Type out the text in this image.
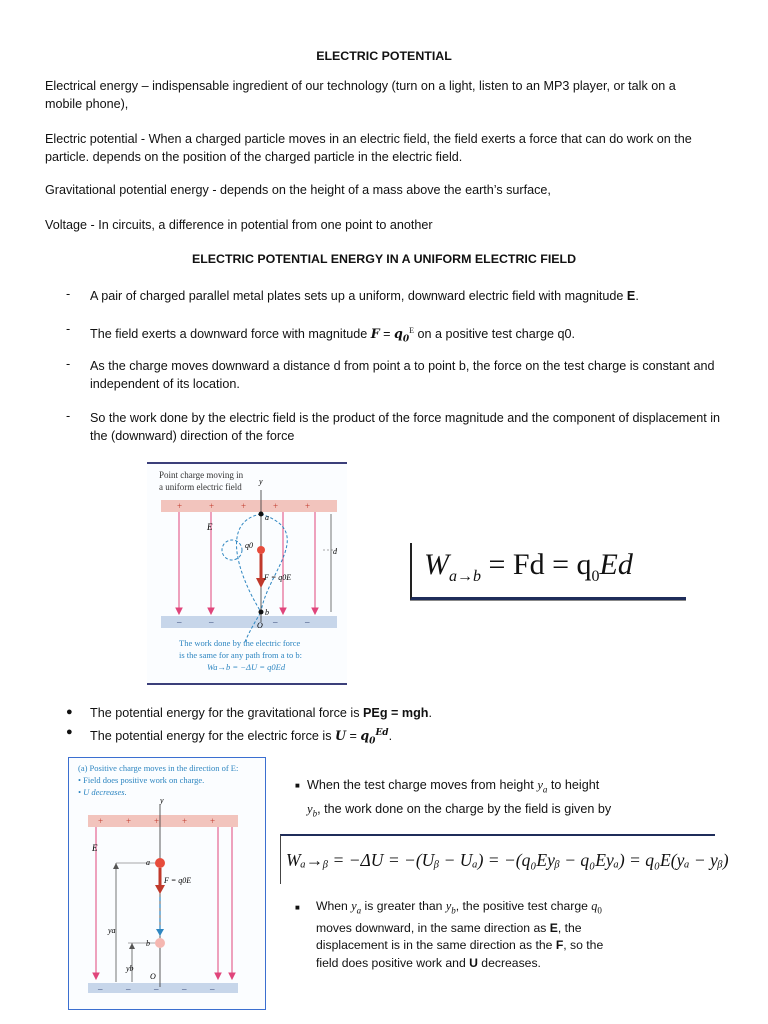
ELECTRIC POTENTIAL
Electrical energy – indispensable ingredient of our technology (turn on a light, listen to an MP3 player, or talk on a mobile phone),
Electric potential - When a charged particle moves in an electric field, the field exerts a force that can do work on the particle. depends on the position of the charged particle in the electric field.
Gravitational potential energy - depends on the height of a mass above the earth’s surface,
Voltage - In circuits, a difference in potential from one point to another
ELECTRIC POTENTIAL ENERGY IN A UNIFORM ELECTRIC FIELD
- A pair of charged parallel metal plates sets up a uniform, downward electric field with magnitude E.
- The field exerts a downward force with magnitude $F = q_0^E$ on a positive test charge q0.
- As the charge moves downward a distance d from point a to point b, the force on the test charge is constant and independent of its location.
- So the work done by the electric field is the product of the force magnitude and the component of displacement in the (downward) direction of the force
Point charge moving in
a uniform electric field
y
+	+	+	+	+
–	–	–	–
E
a
q0
F = q0E
b
O
d
The work done by the electric force
is the same for any path from a to b:
Wa→b = −ΔU = q0Ed
$W_{a\to b} = Fd = q_0Ed$
● The potential energy for the gravitational force is PEg = mgh.
● The potential energy for the electric force is $U = q_0^{Ed}$.
(a) Positive charge moves in the direction of E:
• Field does positive work on charge.
• U decreases.
y
+	+	+	+	+
–	–	–	–	–
E
ya
yb
a
F = q0E
b
O
■ When the test charge moves from height $y_a$ to height
$y_b$, the work done on the charge by the field is given by
Wₐ→ᵦ = −ΔU = −(Uᵦ − Uₐ) = −(q₀Eyᵦ − q₀Eyₐ) = q₀E(yₐ − yᵦ)
■ When $y_a$ is greater than $y_b$, the positive test charge $q_0$
moves downward, in the same direction as E, the
displacement is in the same direction as the F, so the
field does positive work and U decreases.
